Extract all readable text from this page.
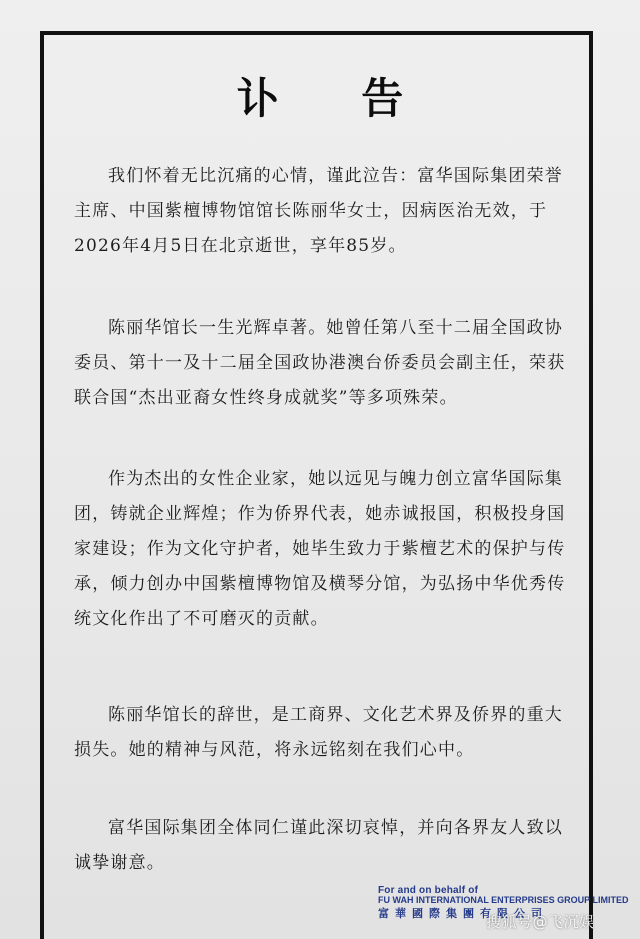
讣 告

我们怀着无比沉痛的心情，谨此泣告：富华国际集团荣誉
主席、中国紫檀博物馆馆长陈丽华女士，因病医治无效，于
2026年4月5日在北京逝世，享年85岁。

陈丽华馆长一生光辉卓著。她曾任第八至十二届全国政协
委员、第十一及十二届全国政协港澳台侨委员会副主任，荣获
联合国“杰出亚裔女性终身成就奖”等多项殊荣。

作为杰出的女性企业家，她以远见与魄力创立富华国际集
团，铸就企业辉煌；作为侨界代表，她赤诚报国，积极投身国
家建设；作为文化守护者，她毕生致力于紫檀艺术的保护与传
承，倾力创办中国紫檀博物馆及横琴分馆，为弘扬中华优秀传
统文化作出了不可磨灭的贡献。

陈丽华馆长的辞世，是工商界、文化艺术界及侨界的重大
损失。她的精神与风范，将永远铭刻在我们心中。

富华国际集团全体同仁谨此深切哀悼，并向各界友人致以
诚挚谢意。

For and on behalf of
FU WAH INTERNATIONAL ENTERPRISES GROUP LIMITED
富華國際集團有限公司
搜狐号@飞沉娱
